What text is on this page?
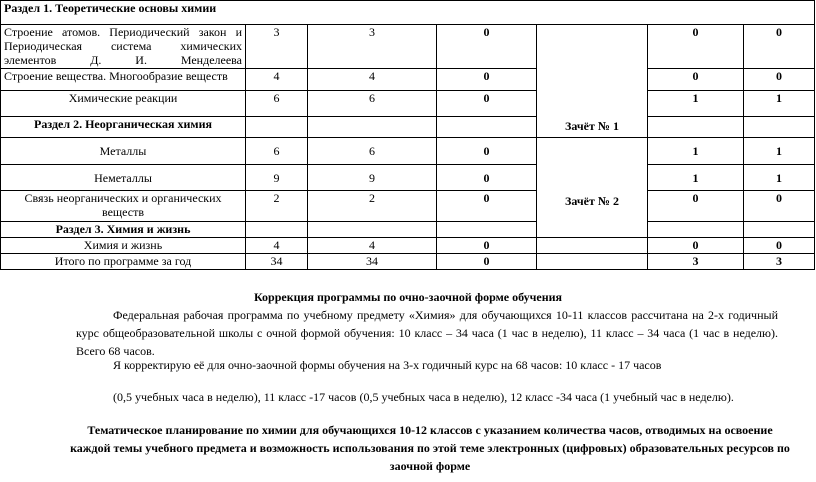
Раздел 1. Теоретические основы химии						
Строение атомов. Периодический закон и Периодическая система химических элементов Д. И. Менделеева	3	3	0	Зачёт № 1	0	0
Строение вещества. Многообразие веществ	4	4	0		0	0
Химические реакции	6	6	0		1	1
Раздел 2. Неорганическая химия						
Металлы	6	6	0	Зачёт № 2	1	1
Неметаллы	9	9	0		1	1
Связь неорганических и органических веществ	2	2	0		0	0
Раздел 3. Химия и жизнь						
Химия и жизнь	4	4	0		0	0
Итого по программе за год	34	34	0		3	3
Коррекция программы по очно-заочной форме обучения
Федеральная рабочая программа по учебному предмету «Химия» для обучающихся 10-11 классов рассчитана на 2-х годичный курс общеобразовательной школы с очной формой обучения: 10 класс – 34 часа (1 час в неделю), 11 класс – 34 часа (1 час в неделю). Всего 68 часов.
Я корректирую её для очно-заочной формы обучения на 3-х годичный курс на 68 часов: 10 класс - 17 часов
(0,5 учебных часа в неделю), 11 класс -17 часов (0,5 учебных часа в неделю), 12 класс -34 часа (1 учебный час в неделю).
Тематическое планирование по химии для обучающихся 10-12 классов с указанием количества часов, отводимых на освоение каждой темы учебного предмета и возможность использования по этой теме электронных (цифровых) образовательных ресурсов по заочной форме
